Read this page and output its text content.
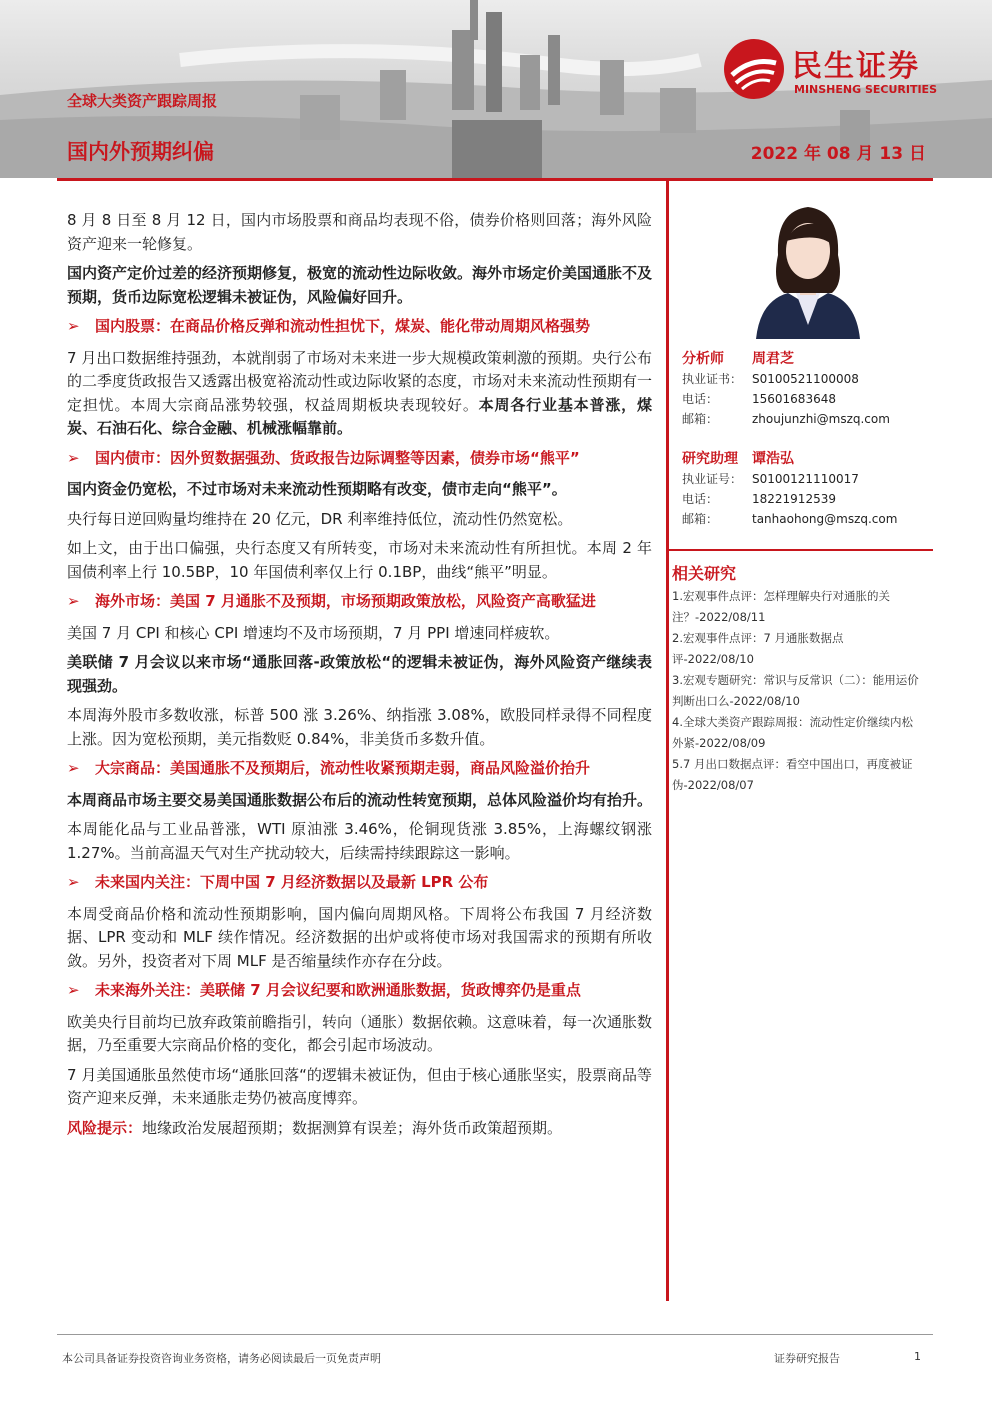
全球大类资产跟踪周报
国内外预期纠偏	2022 年 08 月 13 日
民生证券
MINSHENG SECURITIES

8 月 8 日至 8 月 12 日，国内市场股票和商品均表现不俗，债券价格则回落；海外风险资产迎来一轮修复。

国内资产定价过差的经济预期修复，极宽的流动性边际收敛。海外市场定价美国通胀不及预期，货币边际宽松逻辑未被证伪，风险偏好回升。

➢ 国内股票：在商品价格反弹和流动性担忧下，煤炭、能化带动周期风格强势

7 月出口数据维持强劲，本就削弱了市场对未来进一步大规模政策刺激的预期。央行公布的二季度货政报告又透露出极宽裕流动性或边际收紧的态度，市场对未来流动性预期有一定担忧。本周大宗商品涨势较强，权益周期板块表现较好。本周各行业基本普涨，煤炭、石油石化、综合金融、机械涨幅靠前。

➢ 国内债市：因外贸数据强劲、货政报告边际调整等因素，债券市场“熊平”

国内资金仍宽松，不过市场对未来流动性预期略有改变，债市走向“熊平”。

央行每日逆回购量均维持在 20 亿元，DR 利率维持低位，流动性仍然宽松。

如上文，由于出口偏强，央行态度又有所转变，市场对未来流动性有所担忧。本周 2 年国债利率上行 10.5BP，10 年国债利率仅上行 0.1BP，曲线“熊平”明显。

➢ 海外市场：美国 7 月通胀不及预期，市场预期政策放松，风险资产高歌猛进

美国 7 月 CPI 和核心 CPI 增速均不及市场预期，7 月 PPI 增速同样疲软。

美联储 7 月会议以来市场“通胀回落-政策放松“的逻辑未被证伪，海外风险资产继续表现强劲。

本周海外股市多数收涨，标普 500 涨 3.26%、纳指涨 3.08%，欧股同样录得不同程度上涨。因为宽松预期，美元指数贬 0.84%，非美货币多数升值。

➢ 大宗商品：美国通胀不及预期后，流动性收紧预期走弱，商品风险溢价抬升

本周商品市场主要交易美国通胀数据公布后的流动性转宽预期，总体风险溢价均有抬升。

本周能化品与工业品普涨，WTI 原油涨 3.46%，伦铜现货涨 3.85%，上海螺纹钢涨 1.27%。当前高温天气对生产扰动较大，后续需持续跟踪这一影响。

➢ 未来国内关注：下周中国 7 月经济数据以及最新 LPR 公布

本周受商品价格和流动性预期影响，国内偏向周期风格。下周将公布我国 7 月经济数据、LPR 变动和 MLF 续作情况。经济数据的出炉或将使市场对我国需求的预期有所收敛。另外，投资者对下周 MLF 是否缩量续作亦存在分歧。

➢ 未来海外关注：美联储 7 月会议纪要和欧洲通胀数据，货政博弈仍是重点

欧美央行目前均已放弃政策前瞻指引，转向（通胀）数据依赖。这意味着，每一次通胀数据，乃至重要大宗商品价格的变化，都会引起市场波动。

7 月美国通胀虽然使市场“通胀回落“的逻辑未被证伪，但由于核心通胀坚实，股票商品等资产迎来反弹，未来通胀走势仍被高度博弈。

风险提示：地缘政治发展超预期；数据测算有误差；海外货币政策超预期。

分析师	周君芝
执业证书： S0100521100008
电话：	15601683648
邮箱：	zhoujunzhi@mszq.com
研究助理	谭浩弘
执业证号： S0100121110017
电话：	18221912539
邮箱：	tanhaohong@mszq.com
相关研究
1.宏观事件点评：怎样理解央行对通胀的关注？-2022/08/11
2.宏观事件点评：7 月通胀数据点评-2022/08/10
3.宏观专题研究：常识与反常识（二）：能用运价判断出口么-2022/08/10
4.全球大类资产跟踪周报：流动性定价继续内松外紧-2022/08/09
5.7 月出口数据点评：看空中国出口，再度被证伪-2022/08/07
本公司具备证券投资咨询业务资格，请务必阅读最后一页免责声明	证券研究报告	1
